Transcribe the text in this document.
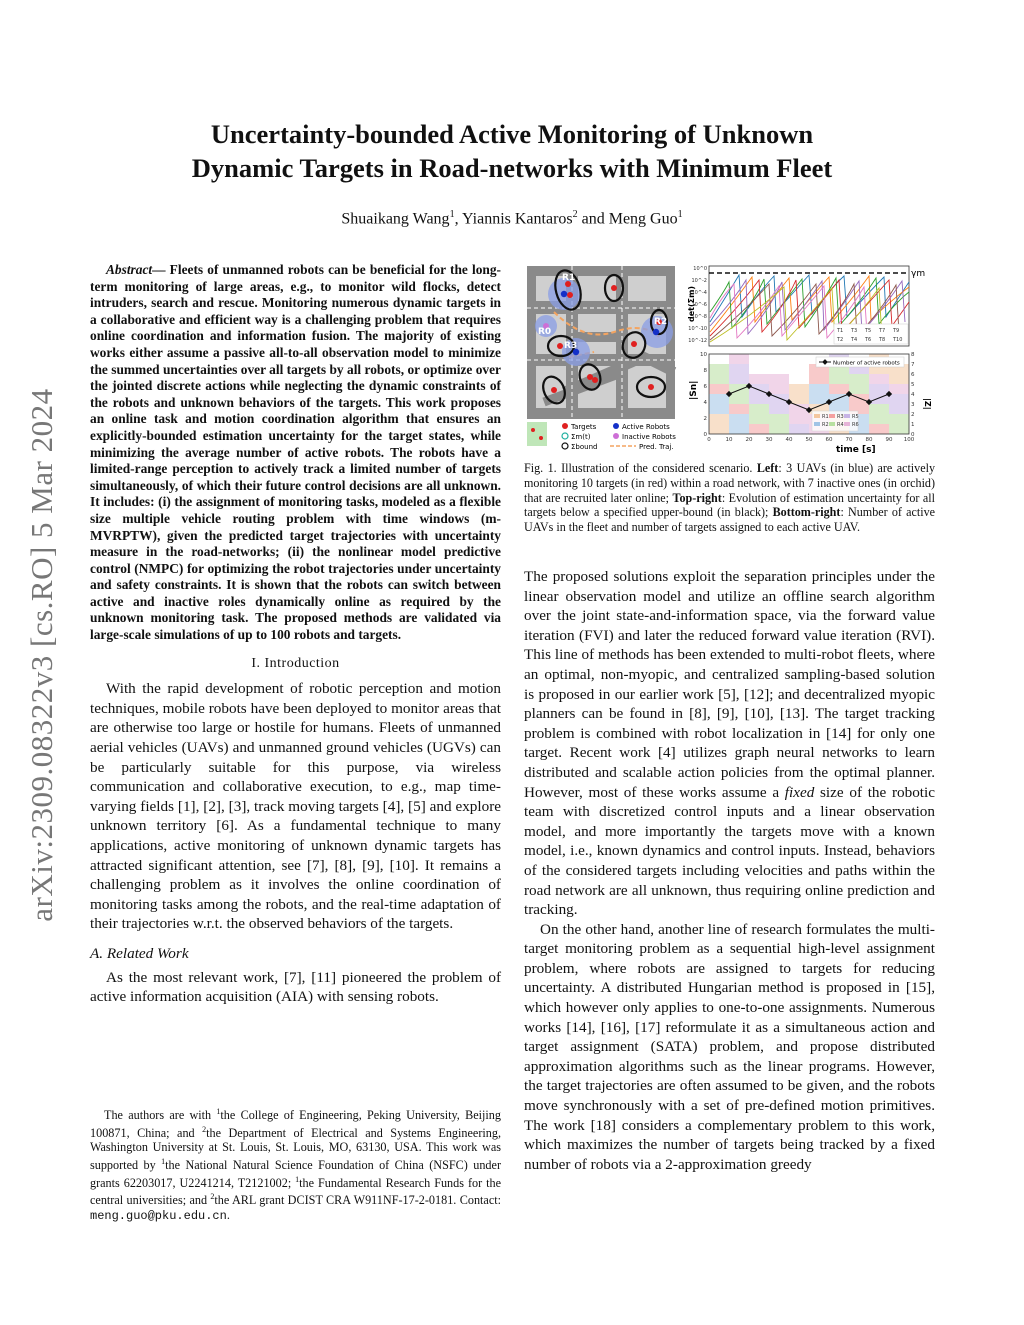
arXiv:2309.08322v3 [cs.RO] 5 Mar 2024
Uncertainty-bounded Active Monitoring of Unknown
Dynamic Targets in Road-networks with Minimum Fleet
Shuaikang Wang$^1$, Yiannis Kantaros$^2$ and Meng Guo$^1$

Abstract— Fleets of unmanned robots can be beneficial for the long-term monitoring of large areas, e.g., to monitor wild flocks, detect intruders, search and rescue. Monitoring numerous dynamic targets in a collaborative and efficient way is a challenging problem that requires online coordination and information fusion. The majority of existing works either assume a passive all-to-all observation model to minimize the summed uncertainties over all targets by all robots, or optimize over the jointed discrete actions while neglecting the dynamic constraints of the robots and unknown behaviors of the targets. This work proposes an online task and motion coordination algorithm that ensures an explicitly-bounded estimation uncertainty for the target states, while minimizing the average number of active robots. The robots have a limited-range perception to actively track a limited number of targets simultaneously, of which their future control decisions are all unknown. It includes: (i) the assignment of monitoring tasks, modeled as a flexible size multiple vehicle routing problem with time windows (m-MVRPTW), given the predicted target trajectories with uncertainty measure in the road-networks; (ii) the nonlinear model predictive control (NMPC) for optimizing the robot trajectories under uncertainty and safety constraints. It is shown that the robots can switch between active and inactive roles dynamically online as required by the unknown monitoring task. The proposed methods are validated via large-scale simulations of up to 100 robots and targets.

I. Introduction

With the rapid development of robotic perception and motion techniques, mobile robots have been deployed to monitor areas that are otherwise too large or hostile for humans. Fleets of unmanned aerial vehicles (UAVs) and unmanned ground vehicles (UGVs) can be particularly suitable for this purpose, via wireless communication and collaborative execution, to e.g., map time-varying fields [1], [2], [3], track moving targets [4], [5] and explore unknown territory [6]. As a fundamental technique to many applications, active monitoring of unknown dynamic targets has attracted significant attention, see [7], [8], [9], [10]. It remains a challenging problem as it involves the online coordination of monitoring tasks among the robots, and the real-time adaptation of their trajectories w.r.t. the observed behaviors of the targets.

A. Related Work

As the most relevant work, [7], [11] pioneered the problem of active information acquisition (AIA) with sensing robots.

The authors are with $^1$the College of Engineering, Peking University, Beijing 100871, China; and $^2$the Department of Electrical and Systems Engineering, Washington University at St. Louis, St. Louis, MO, 63130, USA. This work was supported by $^1$the National Natural Science Foundation of China (NSFC) under grants 62203017, U2241214, T2121002; $^1$the Fundamental Research Funds for the central universities; and $^2$the ARL grant DCIST CRA W911NF-17-2-0181. Contact: meng.guo@pku.edu.cn.
R1
R2
R3
R0
Targets
Σm(t)
Σbound
Active Robots
Inactive Robots
Pred. Traj.
γm
det(Σm)
10^0
10^-2
10^-4
10^-6
10^-8
10^-10
10^-12
T1 T3 T5 T7 T9
T2 T4 T6 T8 T10
0
2
4
6
8
10
0
1
2
3
4
5
6
7
8
0	10 20 30 40 50 60 70 80 90 100
|Sn|
|Z|
time [s]
Number of active robots
R1 R3 R5
R2 R4 R6
Fig. 1. Illustration of the considered scenario. Left: 3 UAVs (in blue) are actively monitoring 10 targets (in red) within a road network, with 7 inactive ones (in orchid) that are recruited later online; Top-right: Evolution of estimation uncertainty for all targets below a specified upper-bound (in black); Bottom-right: Number of active UAVs in the fleet and number of targets assigned to each active UAV.

The proposed solutions exploit the separation principles under the linear observation model and utilize an offline search algorithm over the joint state-and-information space, via the forward value iteration (FVI) and later the reduced forward value iteration (RVI). This line of methods has been extended to multi-robot fleets, where an optimal, non-myopic, and centralized sampling-based solution is proposed in our earlier work [5], [12]; and decentralized myopic planners can be found in [8], [9], [10], [13]. The target tracking problem is combined with robot localization in [14] for only one target. Recent work [4] utilizes graph neural networks to learn distributed and scalable action policies from the optimal planner. However, most of these works assume a fixed size of the robotic team with discretized control inputs and a linear observation model, and more importantly the targets move with a known model, i.e., known dynamics and control inputs. Instead, behaviors of the considered targets including velocities and paths within the road network are all unknown, thus requiring online prediction and tracking.

On the other hand, another line of research formulates the multi-target monitoring problem as a sequential high-level assignment problem, where robots are assigned to targets for reducing uncertainty. A distributed Hungarian method is proposed in [15], which however only applies to one-to-one assignments. Numerous works [14], [16], [17] reformulate it as a simultaneous action and target assignment (SATA) problem, and propose distributed approximation algorithms such as the linear programs. However, the target trajectories are often assumed to be given, and the robots move synchronously with a set of pre-defined motion primitives. The work [18] considers a complementary problem to this work, which maximizes the number of targets being tracked by a fixed number of robots via a 2-approximation greedy
